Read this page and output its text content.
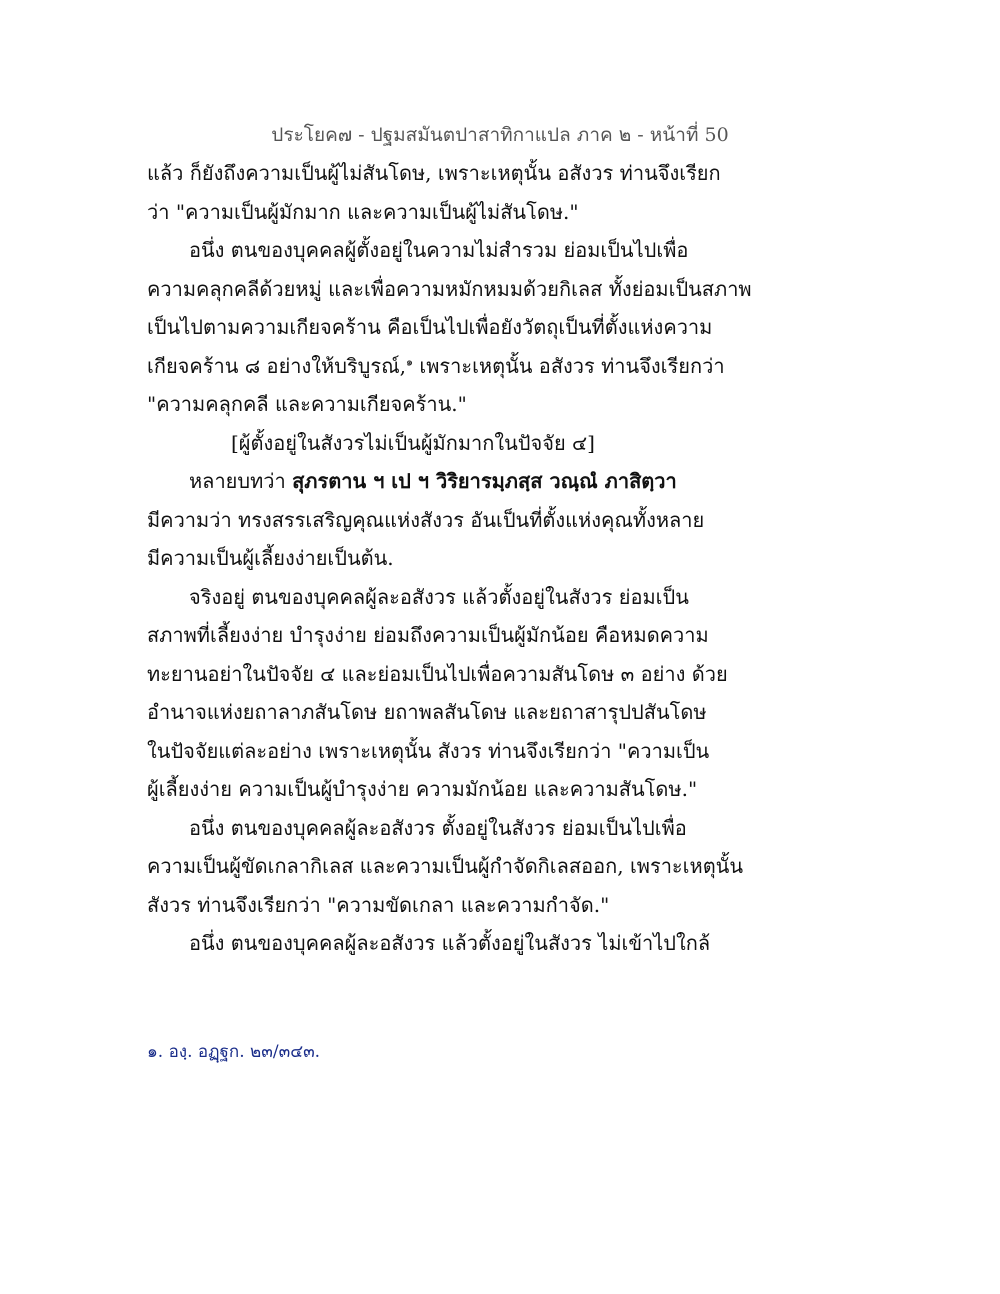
ประโยค๗ - ปฐมสมันตปาสาทิกาแปล ภาค ๒ - หน้าที่ 50
แล้ว ก็ยังถึงความเป็นผู้ไม่สันโดษ, เพราะเหตุนั้น อสังวร ท่านจึงเรียก
ว่า "ความเป็นผู้มักมาก และความเป็นผู้ไม่สันโดษ."
อนึ่ง ตนของบุคคลผู้ตั้งอยู่ในความไม่สำรวม ย่อมเป็นไปเพื่อ
ความคลุกคลีด้วยหมู่ และเพื่อความหมักหมมด้วยกิเลส ทั้งย่อมเป็นสภาพ
เป็นไปตามความเกียจคร้าน คือเป็นไปเพื่อยังวัตถุเป็นที่ตั้งแห่งความ
เกียจคร้าน ๘ อย่างให้บริบูรณ์,$^๑$ เพราะเหตุนั้น อสังวร ท่านจึงเรียกว่า
"ความคลุกคลี และความเกียจคร้าน."
[ผู้ตั้งอยู่ในสังวรไม่เป็นผู้มักมากในปัจจัย ๔]
หลายบทว่า สุภรตาน ฯ เป ฯ วิริยารมฺภสฺส วณฺณํ ภาสิตฺวา
มีความว่า ทรงสรรเสริญคุณแห่งสังวร อันเป็นที่ตั้งแห่งคุณทั้งหลาย
มีความเป็นผู้เลี้ยงง่ายเป็นต้น.
จริงอยู่ ตนของบุคคลผู้ละอสังวร แล้วตั้งอยู่ในสังวร ย่อมเป็น
สภาพที่เลี้ยงง่าย บำรุงง่าย ย่อมถึงความเป็นผู้มักน้อย คือหมดความ
ทะยานอย่าในปัจจัย ๔ และย่อมเป็นไปเพื่อความสันโดษ ๓ อย่าง ด้วย
อำนาจแห่งยถาลาภสันโดษ ยถาพลสันโดษ และยถาสารุปปสันโดษ
ในปัจจัยแต่ละอย่าง เพราะเหตุนั้น สังวร ท่านจึงเรียกว่า "ความเป็น
ผู้เลี้ยงง่าย ความเป็นผู้บำรุงง่าย ความมักน้อย และความสันโดษ."
อนึ่ง ตนของบุคคลผู้ละอสังวร ตั้งอยู่ในสังวร ย่อมเป็นไปเพื่อ
ความเป็นผู้ขัดเกลากิเลส และความเป็นผู้กำจัดกิเลสออก, เพราะเหตุนั้น
สังวร ท่านจึงเรียกว่า "ความขัดเกลา และความกำจัด."
อนึ่ง ตนของบุคคลผู้ละอสังวร แล้วตั้งอยู่ในสังวร ไม่เข้าไปใกล้
๑. องฺ. อฏฺฐก. ๒๓/๓๔๓.
